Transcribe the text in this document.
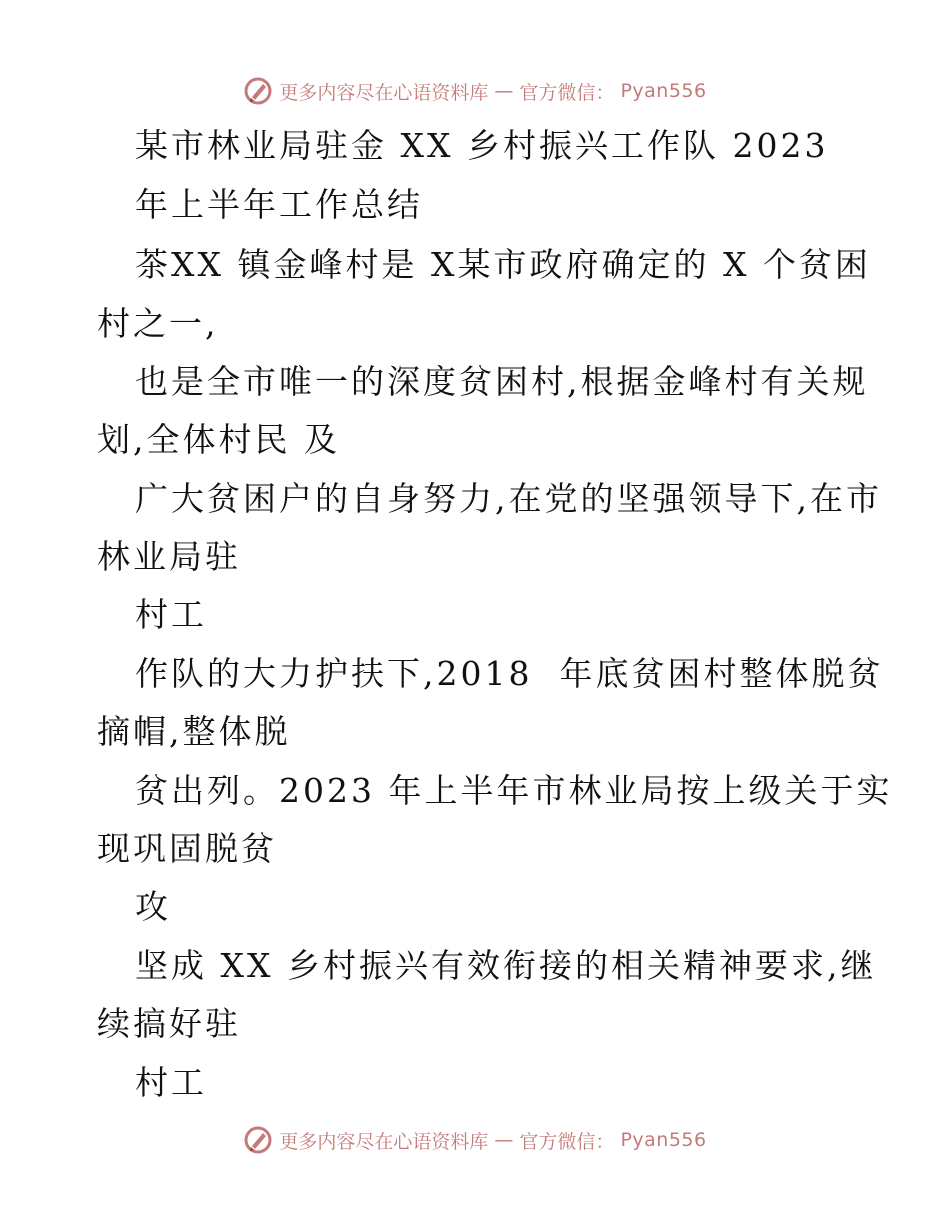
更多内容尽在心语资料库 — 官方微信： Pyan556
某市林业局驻金 XX 乡村振兴工作队 2023
年上半年工作总结
茶XX 镇金峰村是 X某市政府确定的 X 个贫困
村之一,
也是全市唯一的深度贫困村,根据金峰村有关规
划,全体村民 及
广大贫困户的自身努力,在党的坚强领导下,在市
林业局驻
村工
作队的大力护扶下,2018  年底贫困村整体脱贫
摘帽,整体脱
贫出列。2023 年上半年市林业局按上级关于实
现巩固脱贫
攻
坚成 XX 乡村振兴有效衔接的相关精神要求,继
续搞好驻
村工
更多内容尽在心语资料库 — 官方微信： Pyan556
